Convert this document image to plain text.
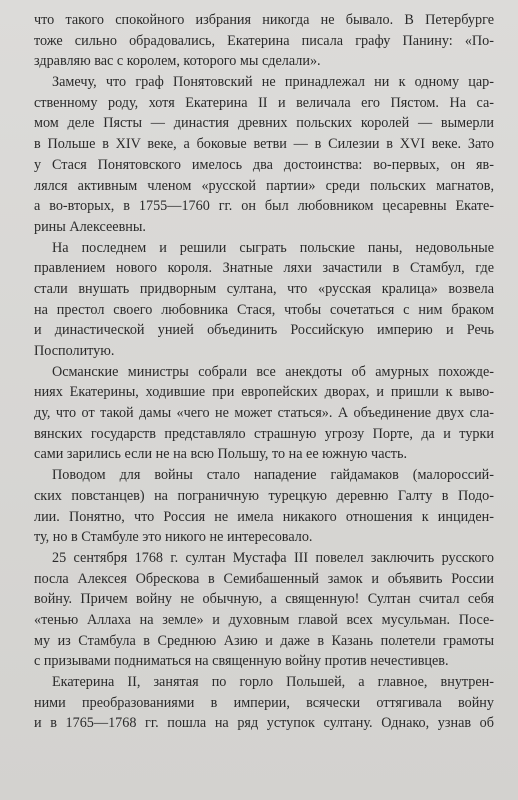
что такого спокойного избрания никогда не бывало. В Петербурге
тоже сильно обрадовались, Екатерина писала графу Панину: «По-
здравляю вас с королем, которого мы сделали».
Замечу, что граф Понятовский не принадлежал ни к одному цар-
ственному роду, хотя Екатерина II и величала его Пястом. На са-
мом деле Пясты — династия древних польских королей — вымерли
в Польше в XIV веке, а боковые ветви — в Силезии в XVI веке. Зато
у Стася Понятовского имелось два достоинства: во-первых, он яв-
лялся активным членом «русской партии» среди польских магнатов,
а во-вторых, в 1755—1760 гг. он был любовником цесаревны Екате-
рины Алексеевны.
На последнем и решили сыграть польские паны, недовольные
правлением нового короля. Знатные ляхи зачастили в Стамбул, где
стали внушать придворным султана, что «русская кралица» возвела
на престол своего любовника Стася, чтобы сочетаться с ним браком
и династической унией объединить Российскую империю и Речь
Посполитую.
Османские министры собрали все анекдоты об амурных похожде-
ниях Екатерины, ходившие при европейских дворах, и пришли к выво-
ду, что от такой дамы «чего не может статься». А объединение двух сла-
вянских государств представляло страшную угрозу Порте, да и турки
сами зарились если не на всю Польшу, то на ее южную часть.
Поводом для войны стало нападение гайдамаков (малороссий-
ских повстанцев) на пограничную турецкую деревню Галту в Подо-
лии. Понятно, что Россия не имела никакого отношения к инциден-
ту, но в Стамбуле это никого не интересовало.
25 сентября 1768 г. султан Мустафа III повелел заключить русского
посла Алексея Обрескова в Семибашенный замок и объявить России
войну. Причем войну не обычную, а священную! Султан считал себя
«тенью Аллаха на земле» и духовным главой всех мусульман. Посе-
му из Стамбула в Среднюю Азию и даже в Казань полетели грамоты
с призывами подниматься на священную войну против нечестивцев.
Екатерина II, занятая по горло Польшей, а главное, внутрен-
ними преобразованиями в империи, всячески оттягивала войну
и в 1765—1768 гг. пошла на ряд уступок султану. Однако, узнав об
